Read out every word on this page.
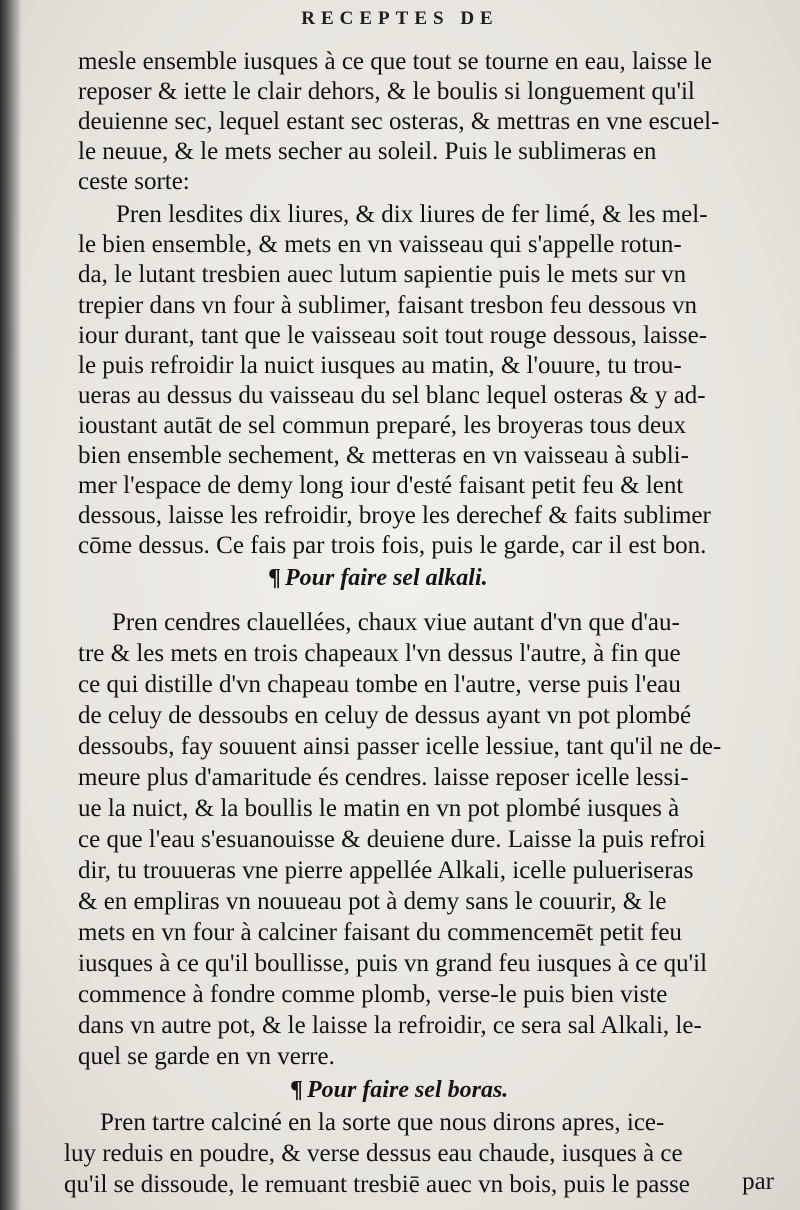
RECEPTES DE
mesle ensemble iusques à ce que tout se tourne en eau, laisse le
reposer & iette le clair dehors, & le boulis si longuement qu'il
deuienne sec, lequel estant sec osteras, & mettras en vne escuel-
le neuue, & le mets secher au soleil. Puis le sublimeras en
ceste sorte:
Pren lesdites dix liures, & dix liures de fer limé, & les mel-
le bien ensemble, & mets en vn vaisseau qui s'appelle rotun-
da, le lutant tresbien auec lutum sapientie puis le mets sur vn
trepier dans vn four à sublimer, faisant tresbon feu dessous vn
iour durant, tant que le vaisseau soit tout rouge dessous, laisse-
le puis refroidir la nuict iusques au matin, & l'ouure, tu trou-
ueras au dessus du vaisseau du sel blanc lequel osteras & y ad-
ioustant autāt de sel commun preparé, les broyeras tous deux
bien ensemble sechement, & metteras en vn vaisseau à subli-
mer l'espace de demy long iour d'esté faisant petit feu & lent
dessous, laisse les refroidir, broye les derechef & faits sublimer
cōme dessus. Ce fais par trois fois, puis le garde, car il est bon.
¶ Pour faire sel alkali.
Pren cendres clauellées, chaux viue autant d'vn que d'au-
tre & les mets en trois chapeaux l'vn dessus l'autre, à fin que
ce qui distille d'vn chapeau tombe en l'autre, verse puis l'eau
de celuy de dessoubs en celuy de dessus ayant vn pot plombé
dessoubs, fay souuent ainsi passer icelle lessiue, tant qu'il ne de-
meure plus d'amaritude és cendres. laisse reposer icelle lessi-
ue la nuict, & la boullis le matin en vn pot plombé iusques à
ce que l'eau s'esuanouisse & deuiene dure. Laisse la puis refroi
dir, tu trouueras vne pierre appellée Alkali, icelle pulueriseras
& en empliras vn nouueau pot à demy sans le couurir, & le
mets en vn four à calciner faisant du commencemēt petit feu
iusques à ce qu'il boullisse, puis vn grand feu iusques à ce qu'il
commence à fondre comme plomb, verse-le puis bien viste
dans vn autre pot, & le laisse la refroidir, ce sera sal Alkali, le-
quel se garde en vn verre.
¶ Pour faire sel boras.
Pren tartre calciné en la sorte que nous dirons apres, ice-
luy reduis en poudre, & verse dessus eau chaude, iusques à ce
qu'il se dissoude, le remuant tresbiē auec vn bois, puis le passe par
